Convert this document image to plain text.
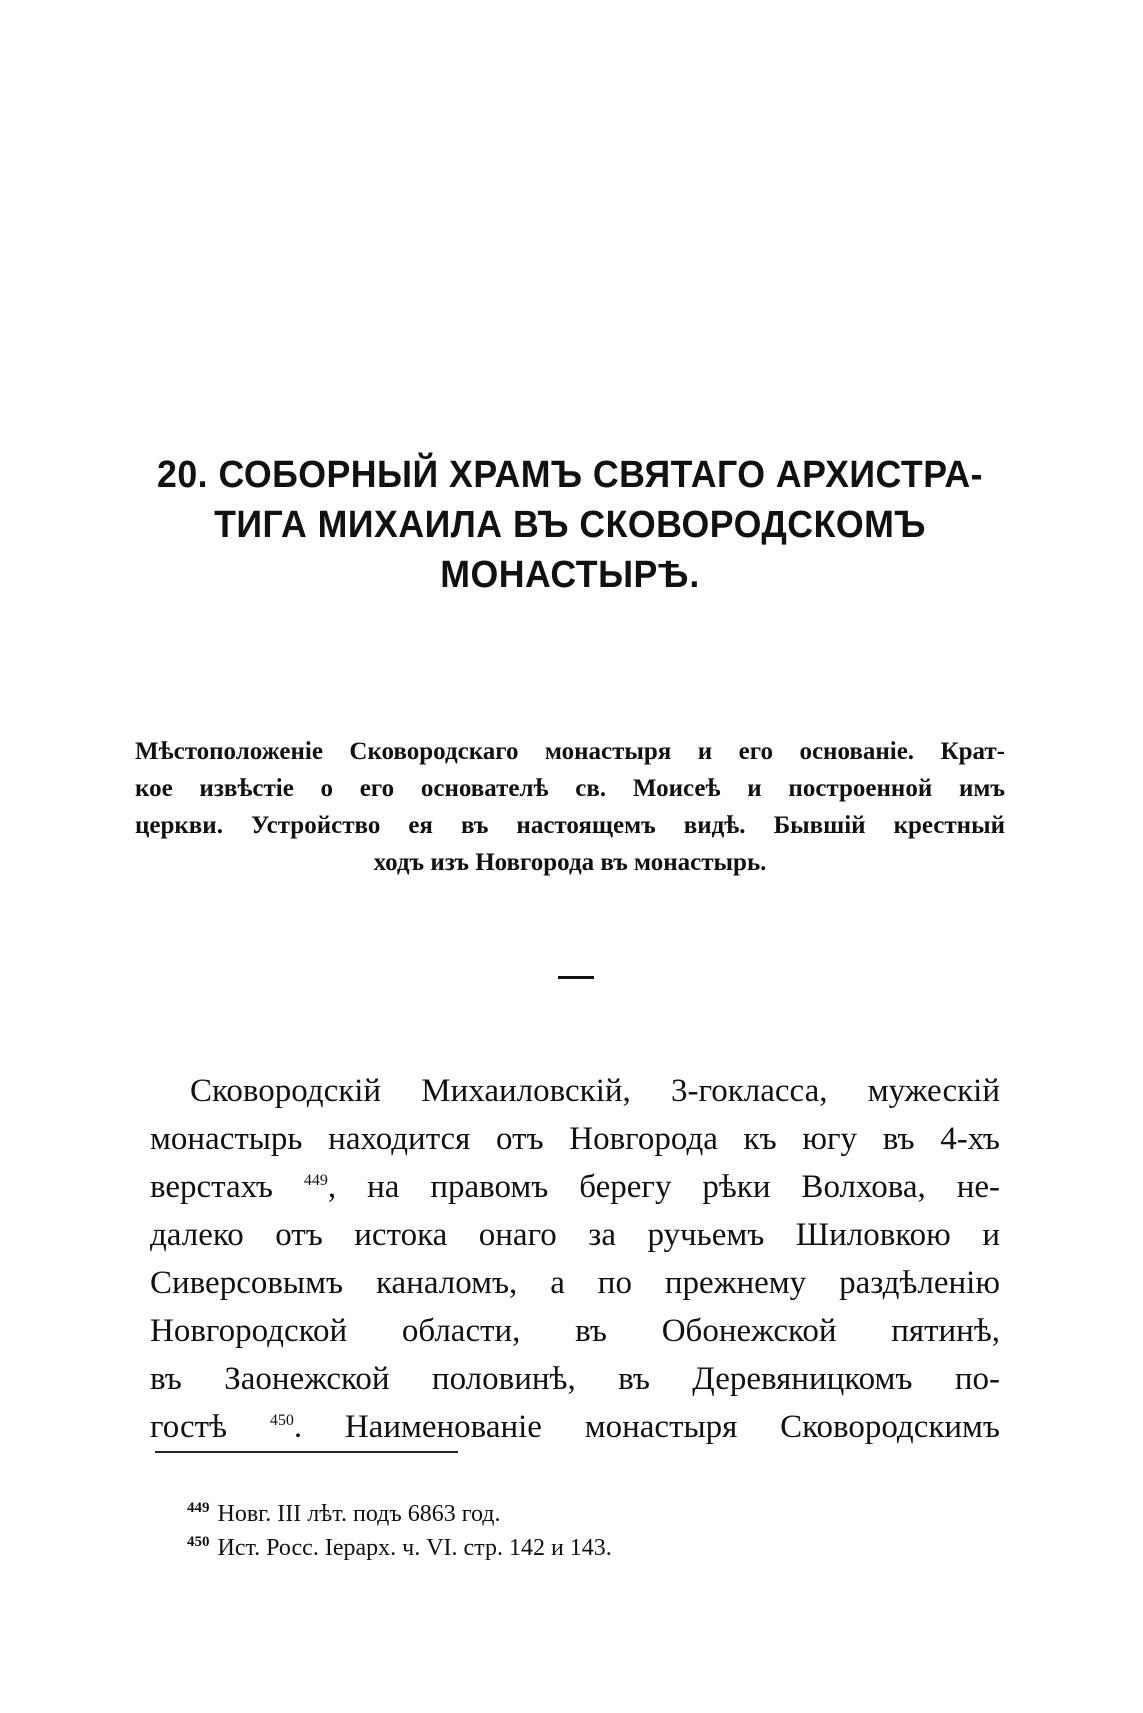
20. СОБОРНЫЙ ХРАМЪ СВЯТАГО АРХИСТРА-
ТИГА МИХАИЛА ВЪ СКОВОРОДСКОМЪ
МОНАСТЫРѢ.
Мѣстоположеніе Сковородскаго монастыря и его основаніе. Крат-
кое извѣстіе о его основателѣ св. Моисеѣ и построенной имъ
церкви. Устройство ея въ настоящемъ видѣ. Бывшій крестный
ходъ изъ Новгорода въ монастырь.
Сковородскій Михаиловскій, 3-гокласса, мужескій
монастырь находится отъ Новгорода къ югу въ 4-хъ
верстахъ $^{449}$, на правомъ берегу рѣки Волхова, не-
далеко отъ истока онаго за ручьемъ Шиловкою и
Сиверсовымъ каналомъ, а по прежнему раздѣленію
Новгородской области, въ Обонежской пятинѣ,
въ Заонежской половинѣ, въ Деревяницкомъ по-
гостѣ $^{450}$. Наименованіе монастыря Сковородскимъ
$^{449}$ Новг. III лѣт. подъ 6863 год.
$^{450}$ Ист. Росс. Іерарх. ч. VI. стр. 142 и 143.
